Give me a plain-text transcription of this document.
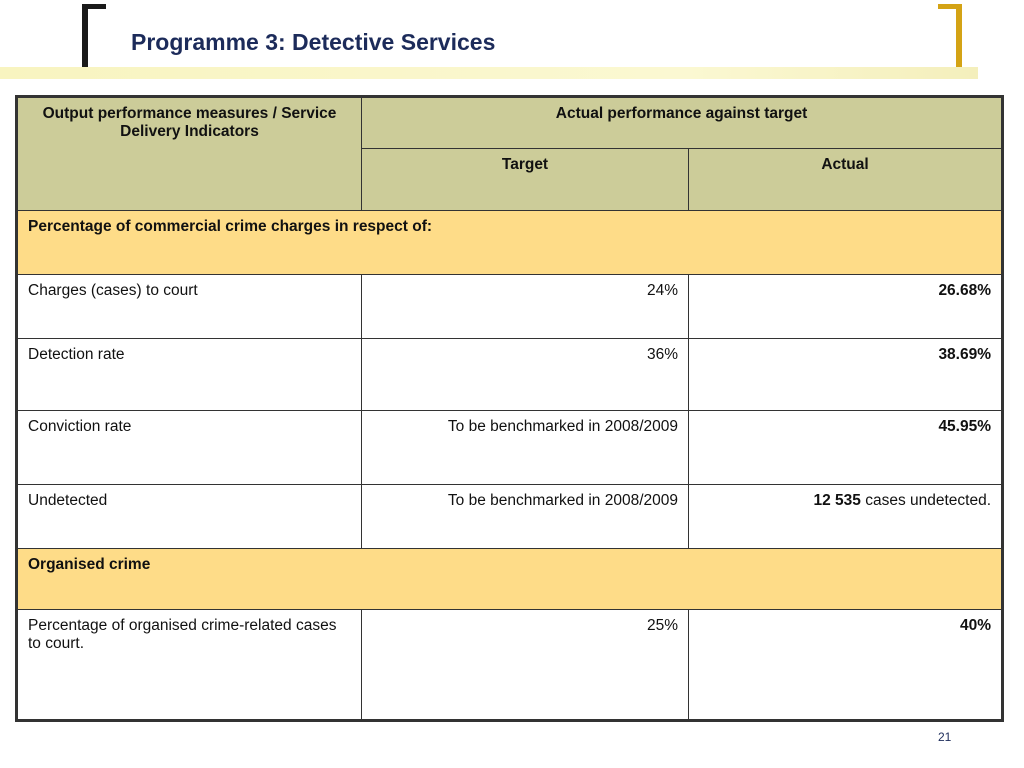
Programme 3: Detective Services
Output performance measures / Service Delivery Indicators	Actual performance against target	
	Target	Actual
Percentage of commercial crime charges in respect of:		
Charges (cases) to court	24%	26.68%
Detection rate	36%	38.69%
Conviction rate	To be benchmarked in 2008/2009	45.95%
Undetected	To be benchmarked in 2008/2009	12 535 cases undetected.
Organised crime		
Percentage of organised crime-related cases to court.	25%	40%
21
